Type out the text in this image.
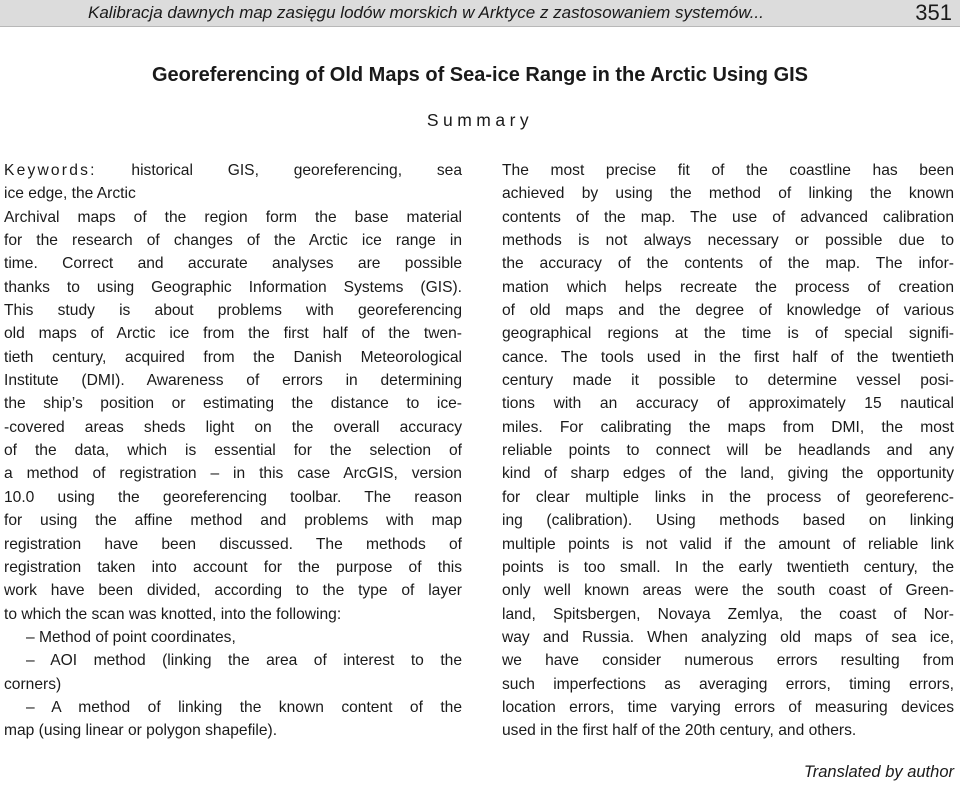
Kalibracja dawnych map zasięgu lodów morskich w Arktyce z zastosowaniem systemów...	351
Georeferencing of Old Maps of Sea-ice Range in the Arctic Using GIS
Summary
Keywords: historical GIS, georeferencing, sea
ice edge, the Arctic
Archival maps of the region form the base material
for the research of changes of the Arctic ice range in
time. Correct and accurate analyses are possible
thanks to using Geographic Information Systems (GIS).
This study is about problems with georeferencing
old maps of Arctic ice from the first half of the twen-
tieth century, acquired from the Danish Meteorological
Institute (DMI). Awareness of errors in determining
the ship’s position or estimating the distance to ice-
-covered areas sheds light on the overall accuracy
of the data, which is essential for the selection of
a method of registration – in this case ArcGIS, version
10.0 using the georeferencing toolbar. The reason
for using the affine method and problems with map
registration have been discussed. The methods of
registration taken into account for the purpose of this
work have been divided, according to the type of layer
to which the scan was knotted, into the following:
– Method of point coordinates,
– AOI method (linking the area of interest to the
corners)
– A method of linking the known content of the
map (using linear or polygon shapefile).
The most precise fit of the coastline has been
achieved by using the method of linking the known
contents of the map. The use of advanced calibration
methods is not always necessary or possible due to
the accuracy of the contents of the map. The infor-
mation which helps recreate the process of creation
of old maps and the degree of knowledge of various
geographical regions at the time is of special signifi-
cance. The tools used in the first half of the twentieth
century made it possible to determine vessel posi-
tions with an accuracy of approximately 15 nautical
miles. For calibrating the maps from DMI, the most
reliable points to connect will be headlands and any
kind of sharp edges of the land, giving the opportunity
for clear multiple links in the process of georeferenc-
ing (calibration). Using methods based on linking
multiple points is not valid if the amount of reliable link
points is too small. In the early twentieth century, the
only well known areas were the south coast of Green-
land, Spitsbergen, Novaya Zemlya, the coast of Nor-
way and Russia. When analyzing old maps of sea ice,
we have consider numerous errors resulting from
such imperfections as averaging errors, timing errors,
location errors, time varying errors of measuring devices
used in the first half of the 20th century, and others.
Translated by author
